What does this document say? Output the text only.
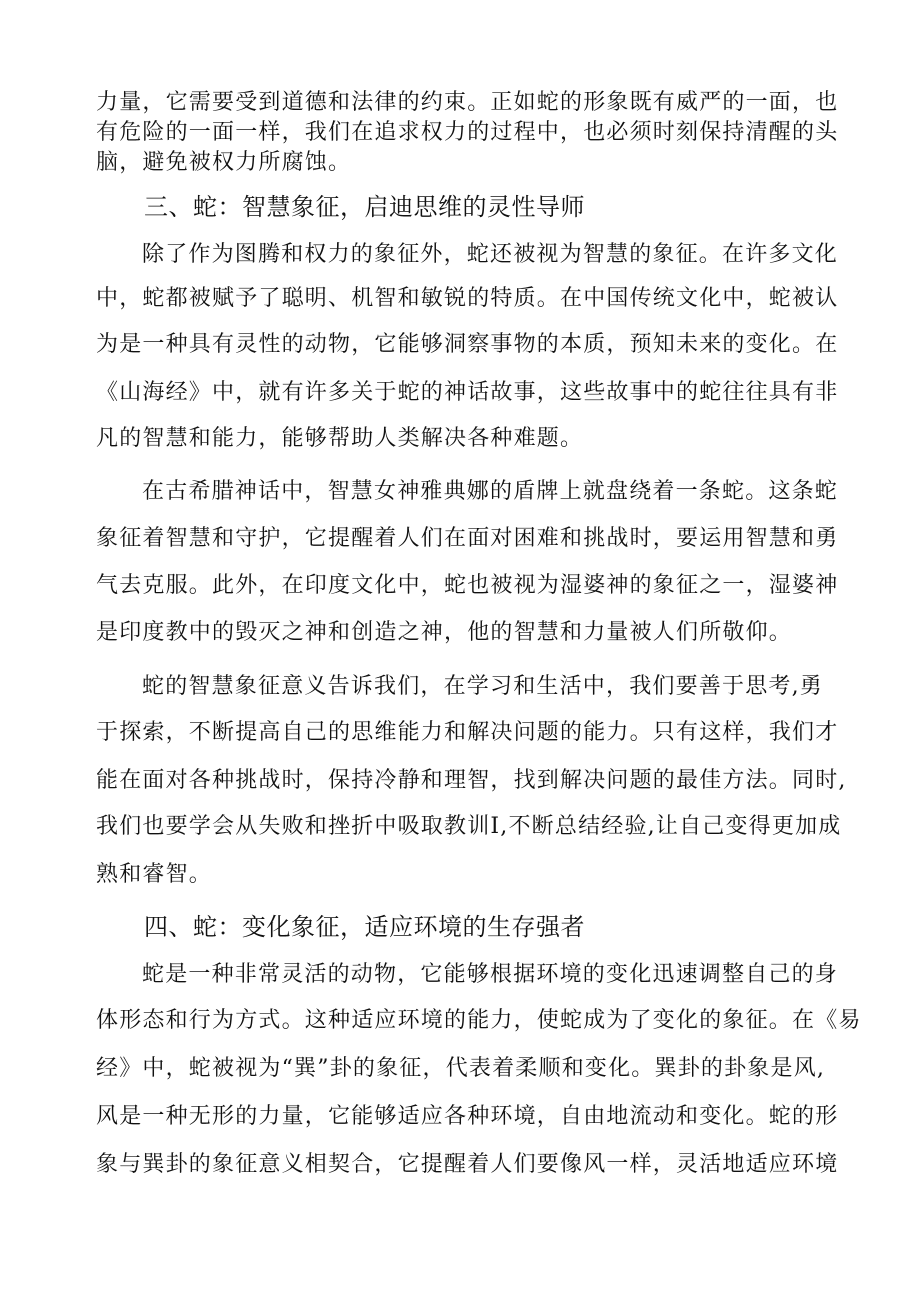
力量，它需要受到道德和法律的约束。正如蛇的形象既有威严的一面，也
有危险的一面一样，我们在追求权力的过程中，也必须时刻保持清醒的头
脑，避免被权力所腐蚀。
三、蛇：智慧象征，启迪思维的灵性导师
除了作为图腾和权力的象征外，蛇还被视为智慧的象征。在许多文化
中，蛇都被赋予了聪明、机智和敏锐的特质。在中国传统文化中，蛇被认
为是一种具有灵性的动物，它能够洞察事物的本质，预知未来的变化。在
《山海经》中，就有许多关于蛇的神话故事，这些故事中的蛇往往具有非
凡的智慧和能力，能够帮助人类解决各种难题。
在古希腊神话中，智慧女神雅典娜的盾牌上就盘绕着一条蛇。这条蛇
象征着智慧和守护，它提醒着人们在面对困难和挑战时，要运用智慧和勇
气去克服。此外，在印度文化中，蛇也被视为湿婆神的象征之一，湿婆神
是印度教中的毁灭之神和创造之神，他的智慧和力量被人们所敬仰。
蛇的智慧象征意义告诉我们，在学习和生活中，我们要善于思考,勇
于探索，不断提高自己的思维能力和解决问题的能力。只有这样，我们才
能在面对各种挑战时，保持冷静和理智，找到解决问题的最佳方法。同时,
我们也要学会从失败和挫折中吸取教训I,不断总结经验,让自己变得更加成
熟和睿智。
四、蛇：变化象征，适应环境的生存强者
蛇是一种非常灵活的动物，它能够根据环境的变化迅速调整自己的身
体形态和行为方式。这种适应环境的能力，使蛇成为了变化的象征。在《易
经》中，蛇被视为“巽”卦的象征，代表着柔顺和变化。巽卦的卦象是风,
风是一种无形的力量，它能够适应各种环境，自由地流动和变化。蛇的形
象与巽卦的象征意义相契合，它提醒着人们要像风一样，灵活地适应环境
